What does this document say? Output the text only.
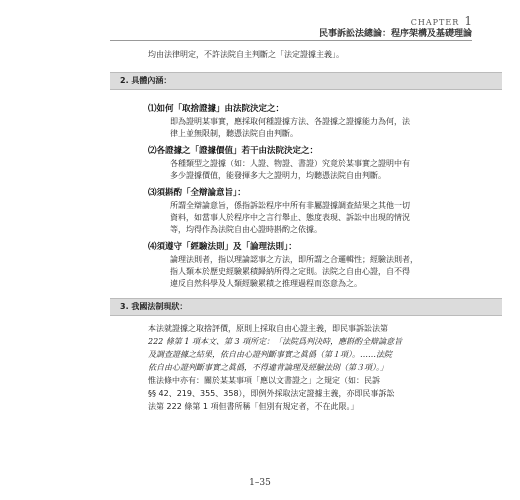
CHAPTER 1
民事訴訟法總論：程序架構及基礎理論
均由法律明定，不許法院自主判斷之「法定證據主義」。
2. 具體內涵：
⑴如何「取捨證據」由法院決定之：
即為證明某事實，應採取何種證據方法、各證據之證據能力為何，法
律上並無限制，聽憑法院自由判斷。
⑵各證據之「證據價值」若干由法院決定之：
各種類型之證據（如：人證、物證、書證）究竟於某事實之證明中有
多少證據價值，能發揮多大之證明力，均聽憑法院自由判斷。
⑶須斟酌「全辯論意旨」：
所謂全辯論意旨，係指訴訟程序中所有非屬證據調查結果之其他一切
資料，如當事人於程序中之言行舉止、態度表現、訴訟中出現的情況
等，均得作為法院自由心證時斟酌之依據。
⑷須遵守「經驗法則」及「論理法則」：
論理法則者，指以理論認事之方法，即所謂之合邏輯性；經驗法則者，
指人類本於歷史經驗累積歸納所得之定則。法院之自由心證，自不得
違反自然科學及人類經驗累積之推理過程而恣意為之。
3. 我國法制現狀：
本法就證據之取捨評價，原則上採取自由心證主義，即民事訴訟法第
222 條第 1 項本文、第 3 項所定：「法院爲判決時，應斟酌全辯論意旨
及調查證據之結果，依自由心證判斷事實之眞僞（第１項）。……法院
依自由心證判斷事實之眞僞，不得違背論理及經驗法則（第３項）。」
惟法條中亦有：關於某某事項「應以文書證之」之規定（如：民訴
§§ 42、219、355、358），即例外採取法定證據主義，亦即民事訴訟
法第 222 條第 1 項但書所稱「但別有規定者，不在此限。」
1–35
